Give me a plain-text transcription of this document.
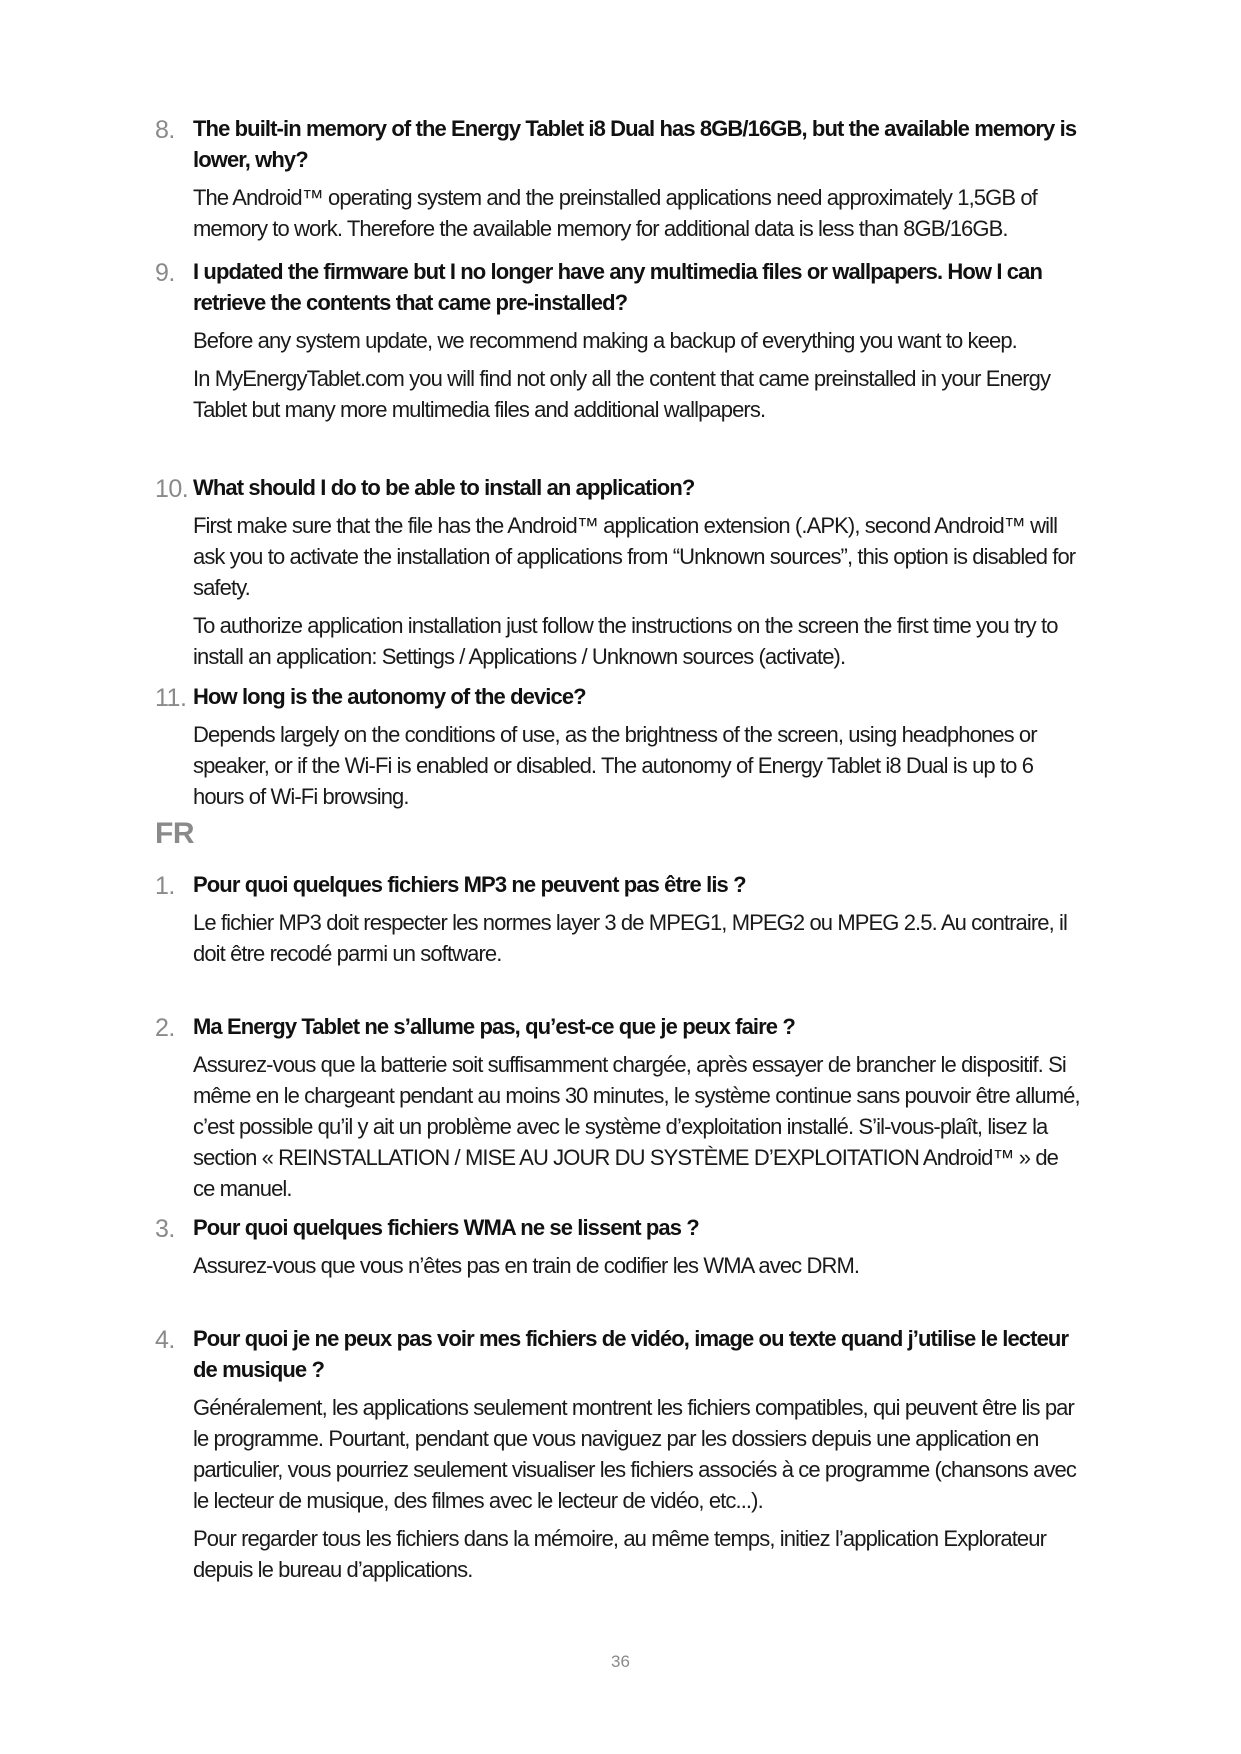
8. The built-in memory of the Energy Tablet i8 Dual has 8GB/16GB, but the available memory is lower, why?

The Android™ operating system and the preinstalled applications need approximately 1,5GB of memory to work. Therefore the available memory for additional data is less than 8GB/16GB.

9. I updated the firmware but I no longer have any multimedia files or wallpapers. How I can retrieve the contents that came pre-installed?

Before any system update, we recommend making a backup of everything you want to keep.

In MyEnergyTablet.com you will find not only all the content that came preinstalled in your Energy Tablet but many more multimedia files and additional wallpapers.

10. What should I do to be able to install an application?

First make sure that the file has the Android™ application extension (.APK), second Android™ will ask you to activate the installation of applications from “Unknown sources”, this option is disabled for safety.

To authorize application installation just follow the instructions on the screen the first time you try to install an application: Settings / Applications / Unknown sources (activate).

11. How long is the autonomy of the device?

Depends largely on the conditions of use, as the brightness of the screen, using headphones or speaker, or if the Wi-Fi is enabled or disabled. The autonomy of Energy Tablet i8 Dual is up to 6 hours of Wi-Fi browsing.

FR
1. Pour quoi quelques fichiers MP3 ne peuvent pas être lis ?

Le fichier MP3 doit respecter les normes layer 3 de MPEG1, MPEG2 ou MPEG 2.5. Au contraire, il doit être recodé parmi un software.

2. Ma Energy Tablet ne s’allume pas, qu’est-ce que je peux faire ?

Assurez-vous que la batterie soit suffisamment chargée, après essayer de brancher le dispositif. Si même en le chargeant pendant au moins 30 minutes, le système continue sans pouvoir être allumé, c’est possible qu’il y ait un problème avec le système d’exploitation installé. S’il-vous-plaît, lisez la section « REINSTALLATION / MISE AU JOUR DU SYSTÈME D’EXPLOITATION Android™ » de ce manuel.

3. Pour quoi quelques fichiers WMA ne se lissent pas ?

Assurez-vous que vous n’êtes pas en train de codifier les WMA avec DRM.

4. Pour quoi je ne peux pas voir mes fichiers de vidéo, image ou texte quand j’utilise le lecteur de musique ?

Généralement, les applications seulement montrent les fichiers compatibles, qui peuvent être lis par le programme. Pourtant, pendant que vous naviguez par les dossiers depuis une application en particulier, vous pourriez seulement visualiser les fichiers associés à ce programme (chansons avec le lecteur de musique, des filmes avec le lecteur de vidéo, etc...).

Pour regarder tous les fichiers dans la mémoire, au même temps, initiez l’application Explorateur depuis le bureau d’applications.

36
